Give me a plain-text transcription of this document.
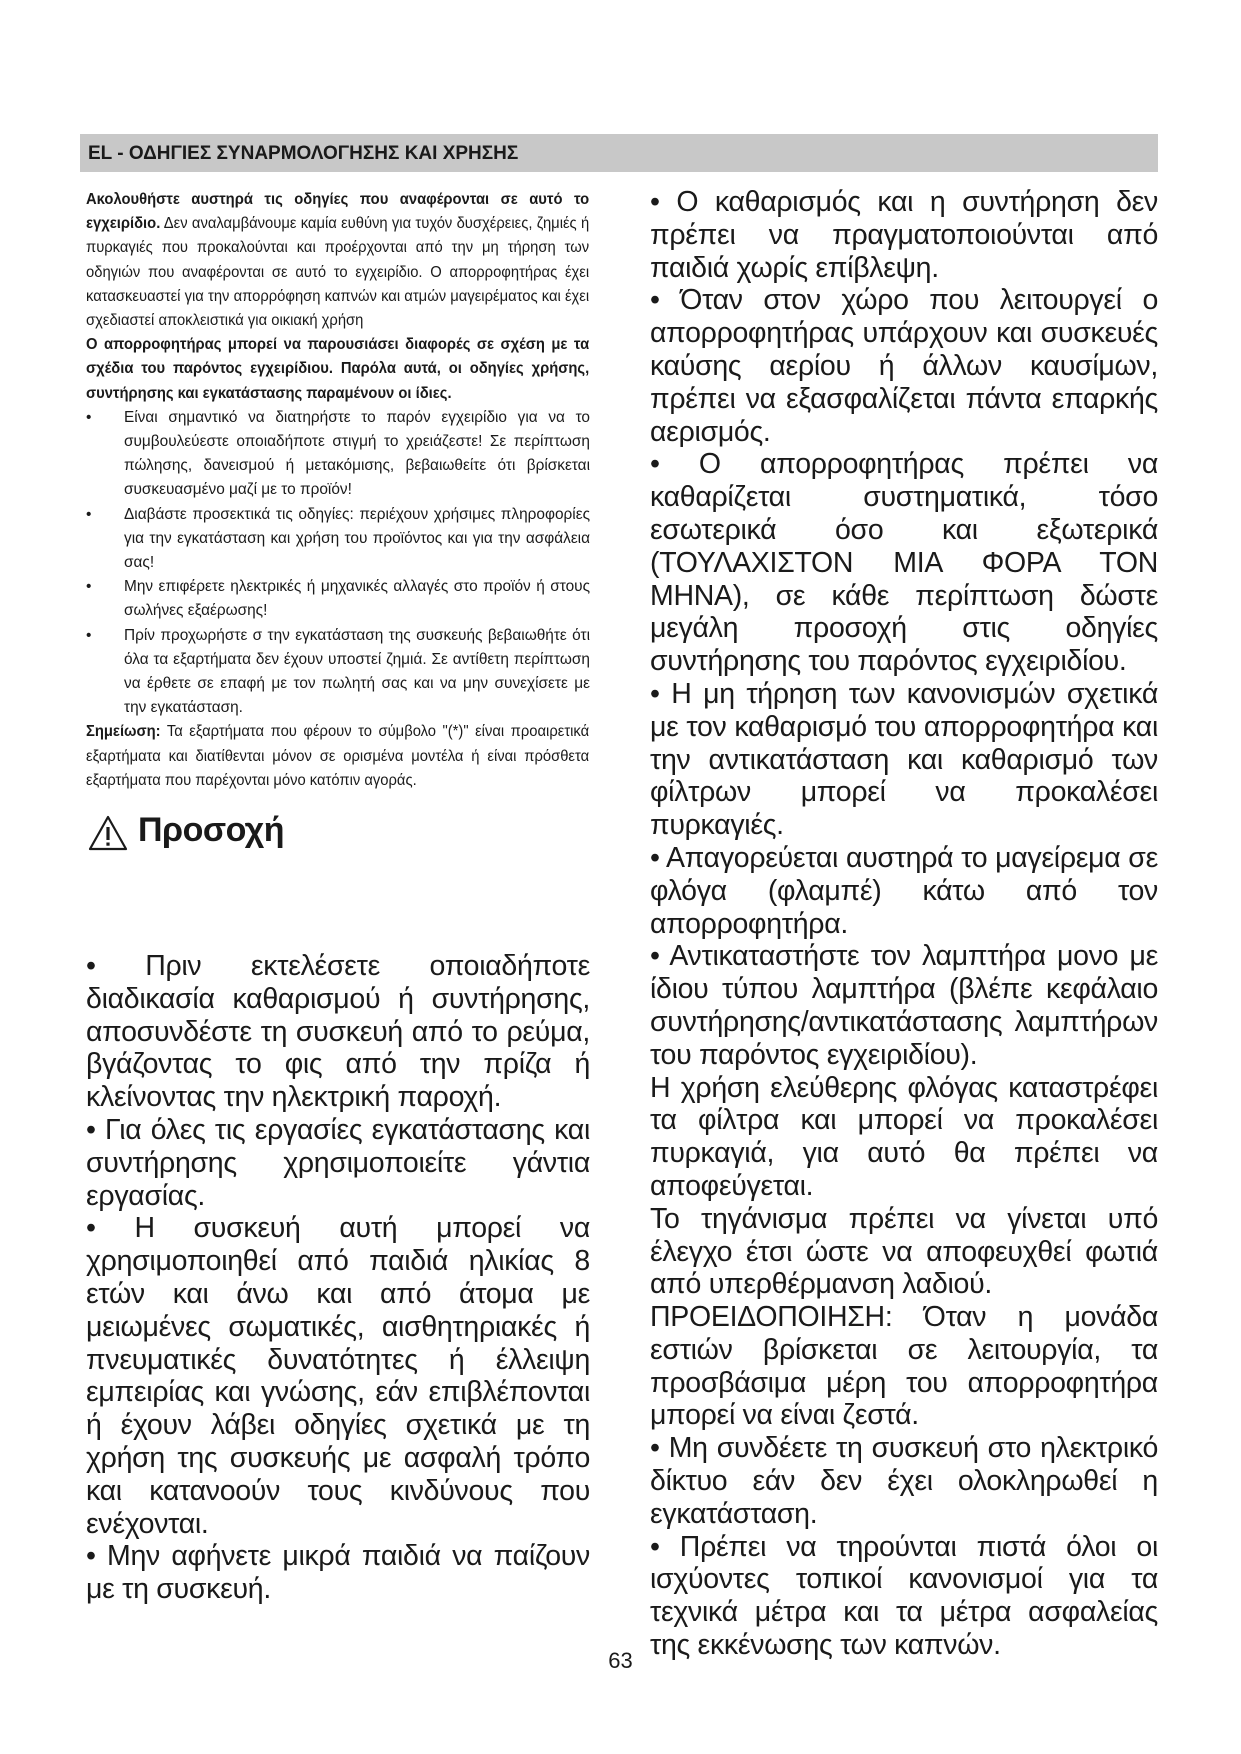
EL - ΟΔΗΓΙΕΣ ΣΥΝΑΡΜΟΛΟΓΗΣΗΣ ΚΑΙ ΧΡΗΣΗΣ

Ακολουθήστε αυστηρά τις οδηγίες που αναφέρονται σε αυτό το εγχειρίδιο. Δεν αναλαμβάνουμε καμία ευθύνη για τυχόν δυσχέρειες, ζημιές ή πυρκαγιές που προκαλούνται και προέρχονται από την μη τήρηση των οδηγιών που αναφέρονται σε αυτό το εγχειρίδιο. Ο απορροφητήρας έχει κατασκευαστεί για την απορρόφηση καπνών και ατμών μαγειρέματος και έχει σχεδιαστεί αποκλειστικά για οικιακή χρήση

Ο απορροφητήρας μπορεί να παρουσιάσει διαφορές σε σχέση με τα σχέδια του παρόντος εγχειρίδιου. Παρόλα αυτά, οι οδηγίες χρήσης, συντήρησης και εγκατάστασης παραμένουν οι ίδιες.

• Είναι σημαντικό να διατηρήστε το παρόν εγχειρίδιο για να το συμβουλεύεστε οποιαδήποτε στιγμή το χρειάζεστε! Σε περίπτωση πώλησης, δανεισμού ή μετακόμισης, βεβαιωθείτε ότι βρίσκεται συσκευασμένο μαζί με το προϊόν!
• Διαβάστε προσεκτικά τις οδηγίες: περιέχουν χρήσιμες πληροφορίες για την εγκατάσταση και χρήση του προϊόντος και για την ασφάλεια σας!
• Μην επιφέρετε ηλεκτρικές ή μηχανικές αλλαγές στο προϊόν ή στους σωλήνες εξαέρωσης!
• Πρίν προχωρήστε σ την εγκατάσταση της συσκευής βεβαιωθήτε ότι όλα τα εξαρτήματα δεν έχουν υποστεί ζημιά. Σε αντίθετη περίπτωση να έρθετε σε επαφή με τον πωλητή σας και να μην συνεχίσετε με την εγκατάσταση.

Σημείωση: Τα εξαρτήματα που φέρουν το σύμβολο "(*)" είναι προαιρετικά εξαρτήματα και διατίθενται μόνον σε ορισμένα μοντέλα ή είναι πρόσθετα εξαρτήματα που παρέχονται μόνο κατόπιν αγοράς.

Προσοχή

• Πριν εκτελέσετε οποιαδήποτε διαδικασία καθαρισμού ή συντήρησης, αποσυνδέστε τη συσκευή από το ρεύμα, βγάζοντας το φις από την πρίζα ή κλείνοντας την ηλεκτρική παροχή.

• Για όλες τις εργασίες εγκατάστασης και συντήρησης χρησιμοποιείτε γάντια εργασίας.

• Η συσκευή αυτή μπορεί να χρησιμοποιηθεί από παιδιά ηλικίας 8 ετών και άνω και από άτομα με μειωμένες σωματικές, αισθητηριακές ή πνευματικές δυνατότητες ή έλλειψη εμπειρίας και γνώσης, εάν επιβλέπονται ή έχουν λάβει οδηγίες σχετικά με τη χρήση της συσκευής με ασφαλή τρόπο και κατανοούν τους κινδύνους που ενέχονται.

• Μην αφήνετε μικρά παιδιά να παίζουν με τη συσκευή.

• Ο καθαρισμός και η συντήρηση δεν πρέπει να πραγματοποιούνται από παιδιά χωρίς επίβλεψη.

• Όταν στον χώρο που λειτουργεί ο απορροφητήρας υπάρχουν και συσκευές καύσης αερίου ή άλλων καυσίμων, πρέπει να εξασφαλίζεται πάντα επαρκής αερισμός.

• Ο απορροφητήρας πρέπει να καθαρίζεται συστηματικά, τόσο εσωτερικά όσο και εξωτερικά (ΤΟΥΛΑΧΙΣΤΟΝ ΜΙΑ ΦΟΡΑ ΤΟΝ ΜΗΝΑ), σε κάθε περίπτωση δώστε μεγάλη προσοχή στις οδηγίες συντήρησης του παρόντος εγχειριδίου.

• Η μη τήρηση των κανονισμών σχετικά με τον καθαρισμό του απορροφητήρα και την αντικατάσταση και καθαρισμό των φίλτρων μπορεί να προκαλέσει πυρκαγιές.

• Απαγορεύεται αυστηρά το μαγείρεμα σε φλόγα (φλαμπέ) κάτω από τον απορροφητήρα.

• Αντικαταστήστε τον λαμπτήρα μονο με ίδιου τύπου λαμπτήρα (βλέπε κεφάλαιο συντήρησης/αντικατάστασης λαμπτήρων του παρόντος εγχειριδίου).

Η χρήση ελεύθερης φλόγας καταστρέφει τα φίλτρα και μπορεί να προκαλέσει πυρκαγιά, για αυτό θα πρέπει να αποφεύγεται.

Το τηγάνισμα πρέπει να γίνεται υπό έλεγχο έτσι ώστε να αποφευχθεί φωτιά από υπερθέρμανση λαδιού.

ΠΡΟΕΙΔΟΠΟΙΗΣΗ: Όταν η μονάδα εστιών βρίσκεται σε λειτουργία, τα προσβάσιμα μέρη του απορροφητήρα μπορεί να είναι ζεστά.

• Μη συνδέετε τη συσκευή στο ηλεκτρικό δίκτυο εάν δεν έχει ολοκληρωθεί η εγκατάσταση.

• Πρέπει να τηρούνται πιστά όλοι οι ισχύοντες τοπικοί κανονισμοί για τα τεχνικά μέτρα και τα μέτρα ασφαλείας της εκκένωσης των καπνών.

63
